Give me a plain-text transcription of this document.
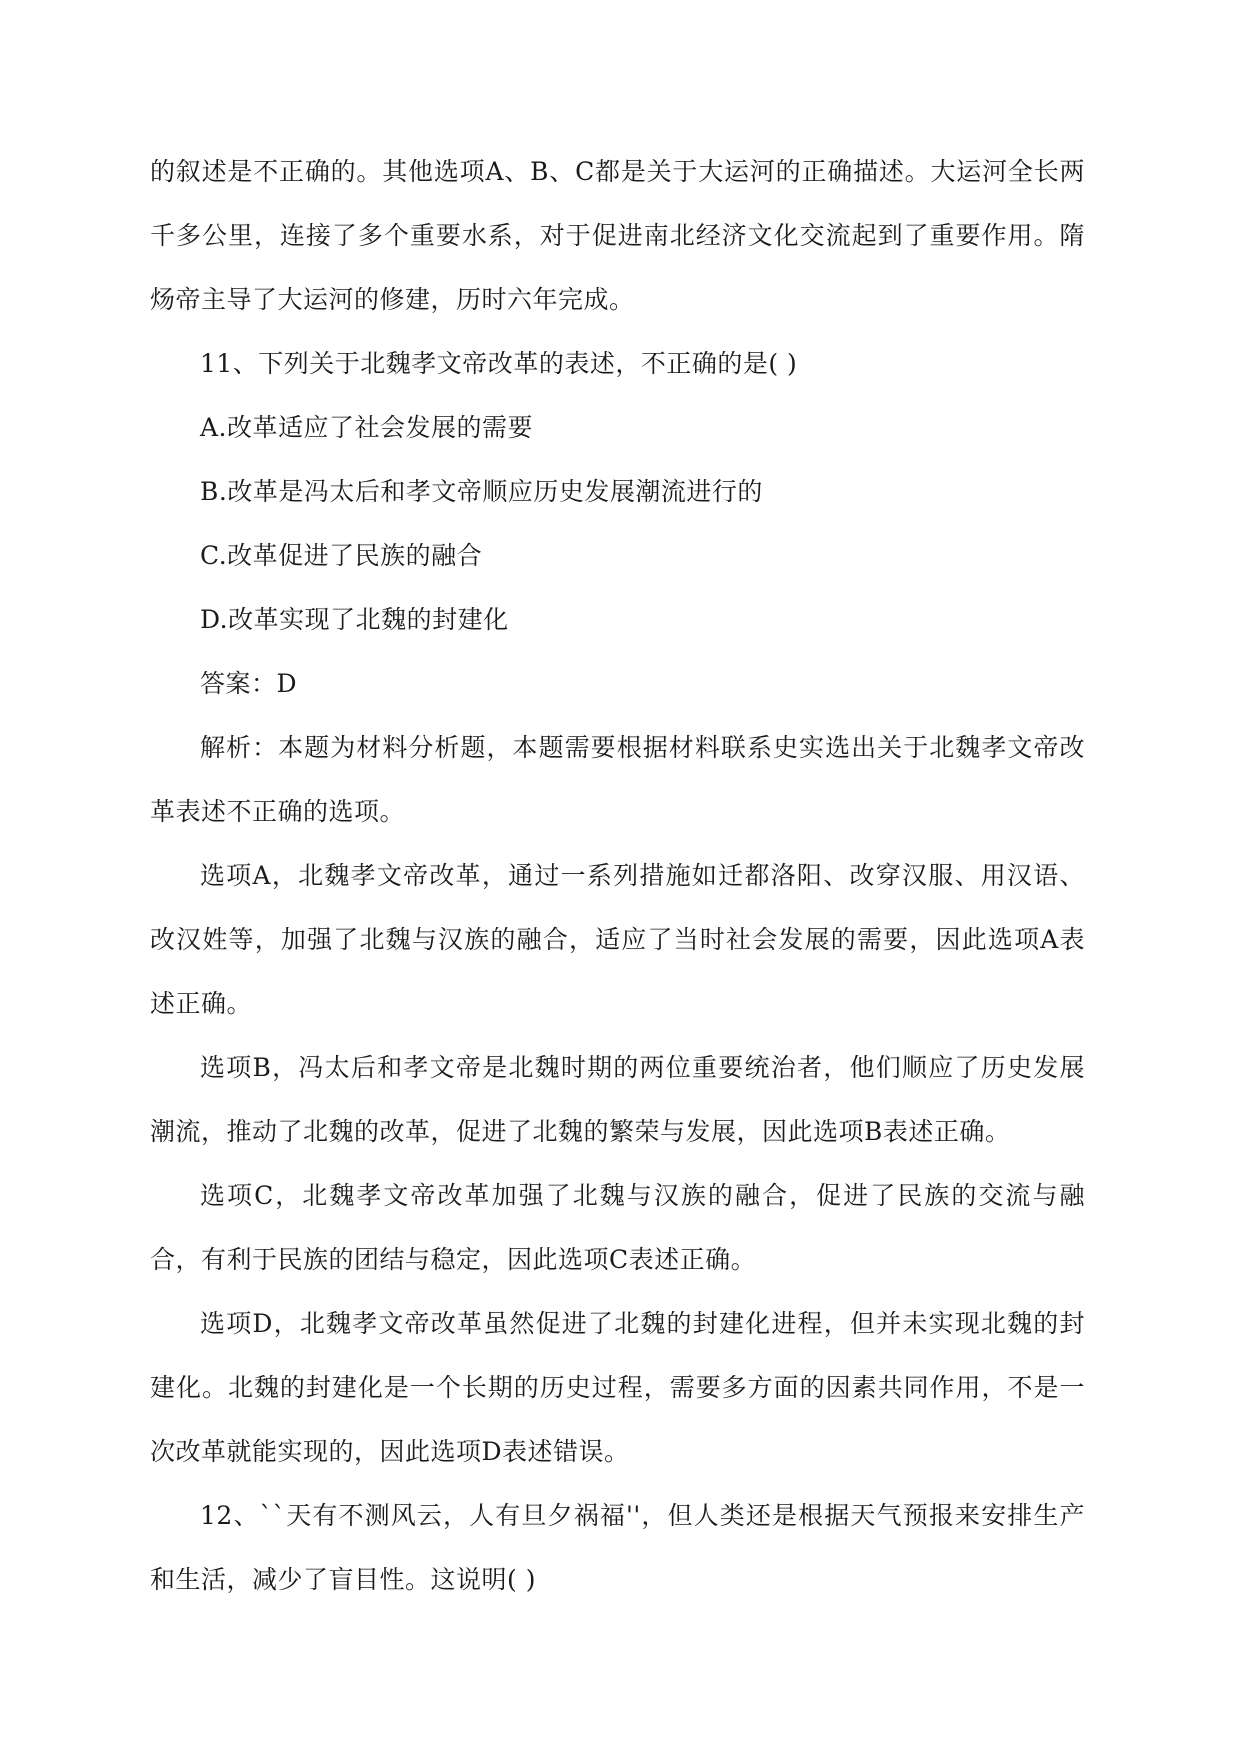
的叙述是不正确的。其他选项A、B、C都是关于大运河的正确描述。大运河全长两千多公里，连接了多个重要水系，对于促进南北经济文化交流起到了重要作用。隋炀帝主导了大运河的修建，历时六年完成。

11、下列关于北魏孝文帝改革的表述，不正确的是( )

A.改革适应了社会发展的需要

B.改革是冯太后和孝文帝顺应历史发展潮流进行的

C.改革促进了民族的融合

D.改革实现了北魏的封建化

答案：D

解析：本题为材料分析题，本题需要根据材料联系史实选出关于北魏孝文帝改革表述不正确的选项。

选项A，北魏孝文帝改革，通过一系列措施如迁都洛阳、改穿汉服、用汉语、改汉姓等，加强了北魏与汉族的融合，适应了当时社会发展的需要，因此选项A表述正确。

选项B，冯太后和孝文帝是北魏时期的两位重要统治者，他们顺应了历史发展潮流，推动了北魏的改革，促进了北魏的繁荣与发展，因此选项B表述正确。

选项C，北魏孝文帝改革加强了北魏与汉族的融合，促进了民族的交流与融合，有利于民族的团结与稳定，因此选项C表述正确。

选项D，北魏孝文帝改革虽然促进了北魏的封建化进程，但并未实现北魏的封建化。北魏的封建化是一个长期的历史过程，需要多方面的因素共同作用，不是一次改革就能实现的，因此选项D表述错误。

12、``天有不测风云，人有旦夕祸福''，但人类还是根据天气预报来安排生产和生活，减少了盲目性。这说明( )
